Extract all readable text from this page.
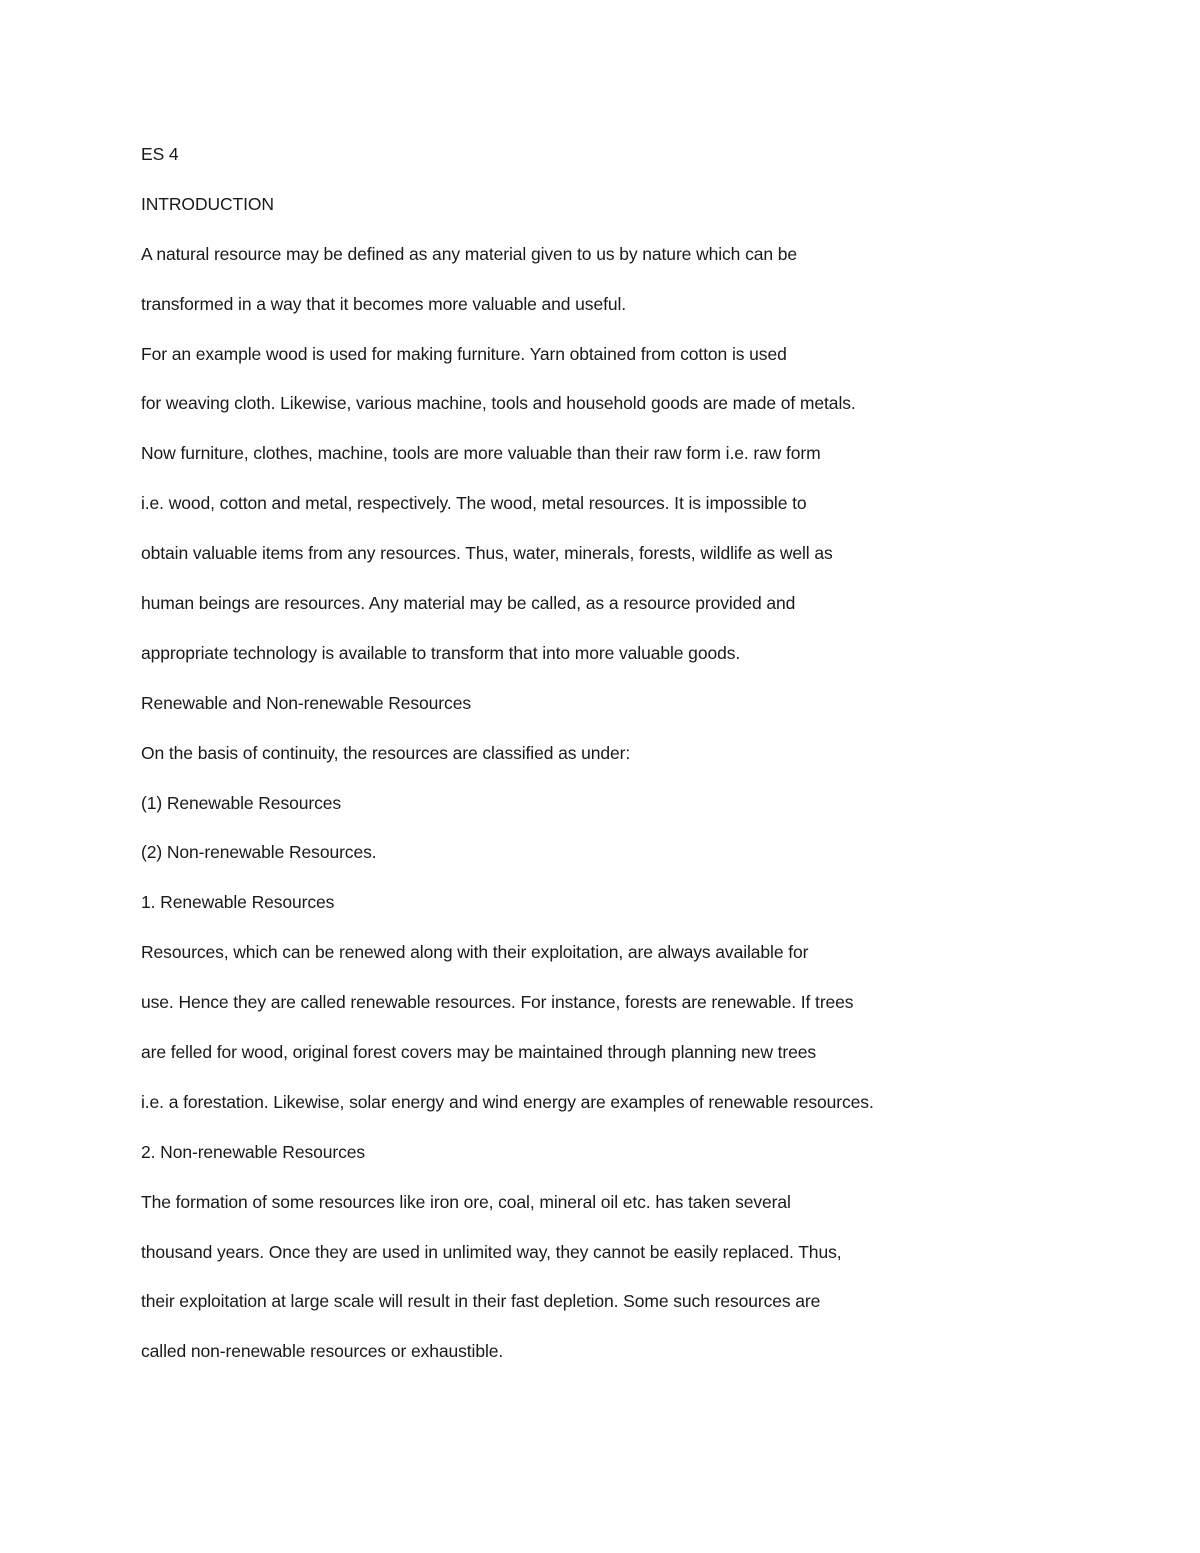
ES 4
INTRODUCTION
A natural resource may be defined as any material given to us by nature which can be
transformed in a way that it becomes more valuable and useful.
For an example wood is used for making furniture. Yarn obtained from cotton is used
for weaving cloth. Likewise, various machine, tools and household goods are made of metals.
Now furniture, clothes, machine, tools are more valuable than their raw form i.e. raw form
i.e. wood, cotton and metal, respectively. The wood, metal resources. It is impossible to
obtain valuable items from any resources. Thus, water, minerals, forests, wildlife as well as
human beings are resources. Any material may be called, as a resource provided and
appropriate technology is available to transform that into more valuable goods.
Renewable and Non-renewable Resources
On the basis of continuity, the resources are classified as under:
(1) Renewable Resources
(2) Non-renewable Resources.
1. Renewable Resources
Resources, which can be renewed along with their exploitation, are always available for
use. Hence they are called renewable resources. For instance, forests are renewable. If trees
are felled for wood, original forest covers may be maintained through planning new trees
i.e. a forestation. Likewise, solar energy and wind energy are examples of renewable resources.
2. Non-renewable Resources
The formation of some resources like iron ore, coal, mineral oil etc. has taken several
thousand years. Once they are used in unlimited way, they cannot be easily replaced. Thus,
their exploitation at large scale will result in their fast depletion. Some such resources are
called non-renewable resources or exhaustible.
